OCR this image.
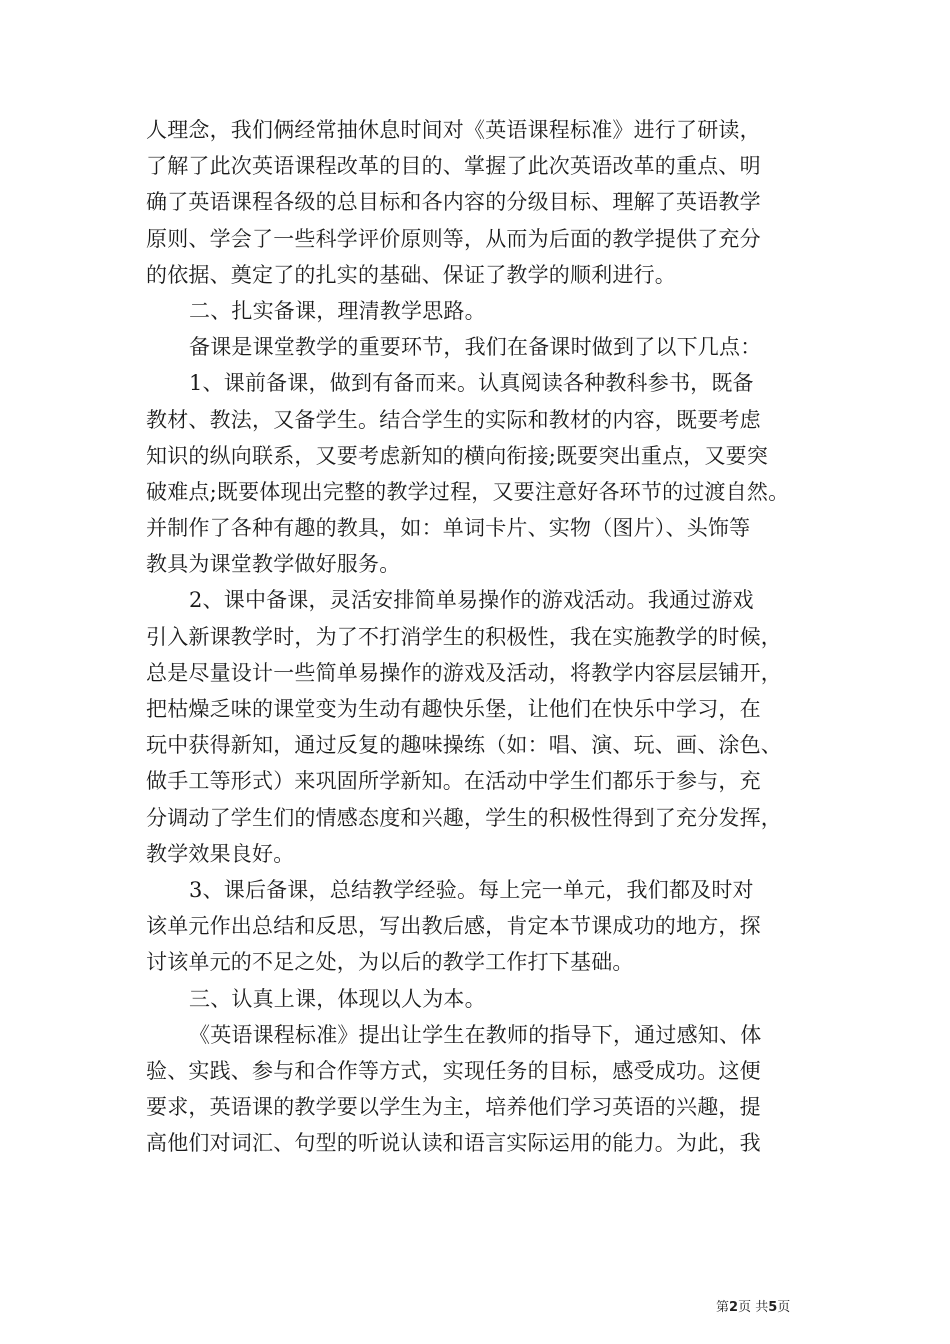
人理念，我们俩经常抽休息时间对《英语课程标准》进行了研读，
了解了此次英语课程改革的目的、掌握了此次英语改革的重点、明
确了英语课程各级的总目标和各内容的分级目标、理解了英语教学
原则、学会了一些科学评价原则等，从而为后面的教学提供了充分
的依据、奠定了的扎实的基础、保证了教学的顺利进行。
二、扎实备课，理清教学思路。
备课是课堂教学的重要环节，我们在备课时做到了以下几点：
1、课前备课，做到有备而来。认真阅读各种教科参书，既备
教材、教法，又备学生。结合学生的实际和教材的内容，既要考虑
知识的纵向联系，又要考虑新知的横向衔接;既要突出重点，又要突
破难点;既要体现出完整的教学过程，又要注意好各环节的过渡自然。
并制作了各种有趣的教具，如：单词卡片、实物（图片）、头饰等
教具为课堂教学做好服务。
2、课中备课，灵活安排简单易操作的游戏活动。我通过游戏
引入新课教学时，为了不打消学生的积极性，我在实施教学的时候，
总是尽量设计一些简单易操作的游戏及活动，将教学内容层层铺开，
把枯燥乏味的课堂变为生动有趣快乐堡，让他们在快乐中学习，在
玩中获得新知，通过反复的趣味操练（如：唱、演、玩、画、涂色、
做手工等形式）来巩固所学新知。在活动中学生们都乐于参与，充
分调动了学生们的情感态度和兴趣，学生的积极性得到了充分发挥，
教学效果良好。
3、课后备课，总结教学经验。每上完一单元，我们都及时对
该单元作出总结和反思，写出教后感，肯定本节课成功的地方，探
讨该单元的不足之处，为以后的教学工作打下基础。
三、认真上课，体现以人为本。
《英语课程标准》提出让学生在教师的指导下，通过感知、体
验、实践、参与和合作等方式，实现任务的目标，感受成功。这便
要求，英语课的教学要以学生为主，培养他们学习英语的兴趣，提
高他们对词汇、句型的听说认读和语言实际运用的能力。为此，我
第2页 共5页
